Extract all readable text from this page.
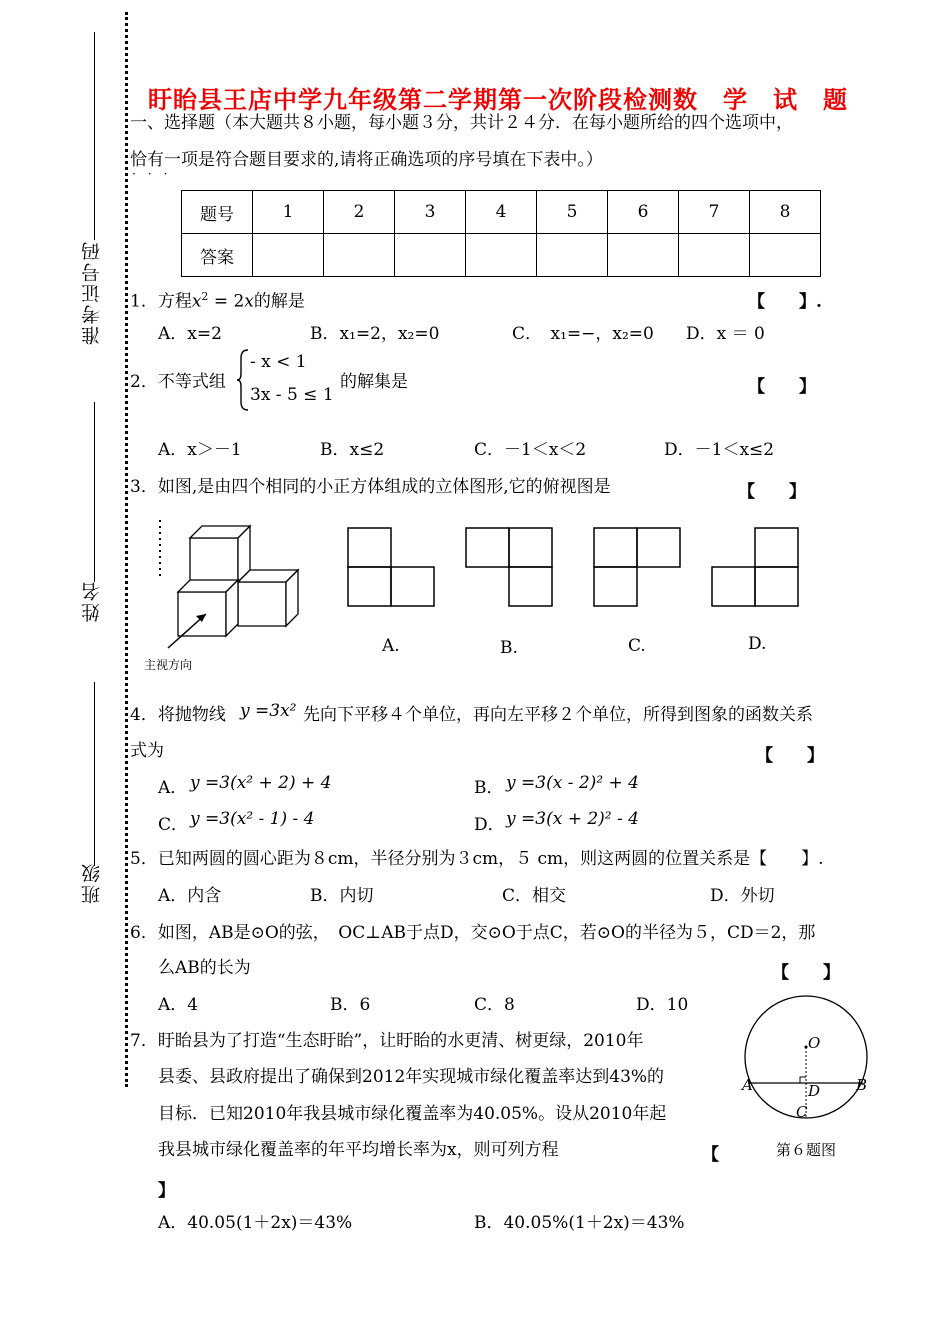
准考证号码
姓名
班级
盱眙县王店中学九年级第二学期第一次阶段检测数　学　试　题
一、选择题（本大题共８小题，每小题３分，共计２４分．在每小题所给的四个选项中，
恰有一项是符合题目要求的,请将正确选项的序号填在下表中。）
·　·　·
题号	1	2	3	4	5	6	7	8
答案								
1．方程$x^2 = 2x$的解是	【　　】.
A．x=2	B．x₁=2，x₂=0	C．　x₁=−，x₂=0 D．x ＝ 0
2．不等式组
- x < 1
3x - 5 ≤ 1
的解集是	【　　】
A．x＞－1	B．x≤2	C．－1＜x＜2	D．－1＜x≤2
3．如图,是由四个相同的小正方体组成的立体图形,它的俯视图是	【　　】
主视方向
A.	B.	C.	D.
4．将抛物线 y =3x² 先向下平移４个单位，再向左平移２个单位，所得到图象的函数关系
式为	【　　】
A． y =3(x² + 2) + 4	B． y =3(x - 2)² + 4
C． y =3(x² - 1) - 4	D． y =3(x + 2)² - 4
5．已知两圆的圆心距为８cm，半径分别为３cm，５ cm，则这两圆的位置关系是【　　】.
A．内含	B．内切	C．相交	D．外切
6．如图，AB是⊙O的弦，　OC⊥AB于点D，交⊙O于点C，若⊙O的半径为５，CD＝2，那
么AB的长为	【　　】
A．4	B．6	C．8	D．10
O
A	B
D
C
第６题图
7．盱眙县为了打造“生态盱眙”，让盱眙的水更清、树更绿，2010年
县委、县政府提出了确保到2012年实现城市绿化覆盖率达到43%的
目标．已知2010年我县城市绿化覆盖率为40.05%。设从2010年起
我县城市绿化覆盖率的年平均增长率为x，则可列方程	【
】
A．40.05(1＋2x)＝43%	B．40.05%(1＋2x)＝43%
